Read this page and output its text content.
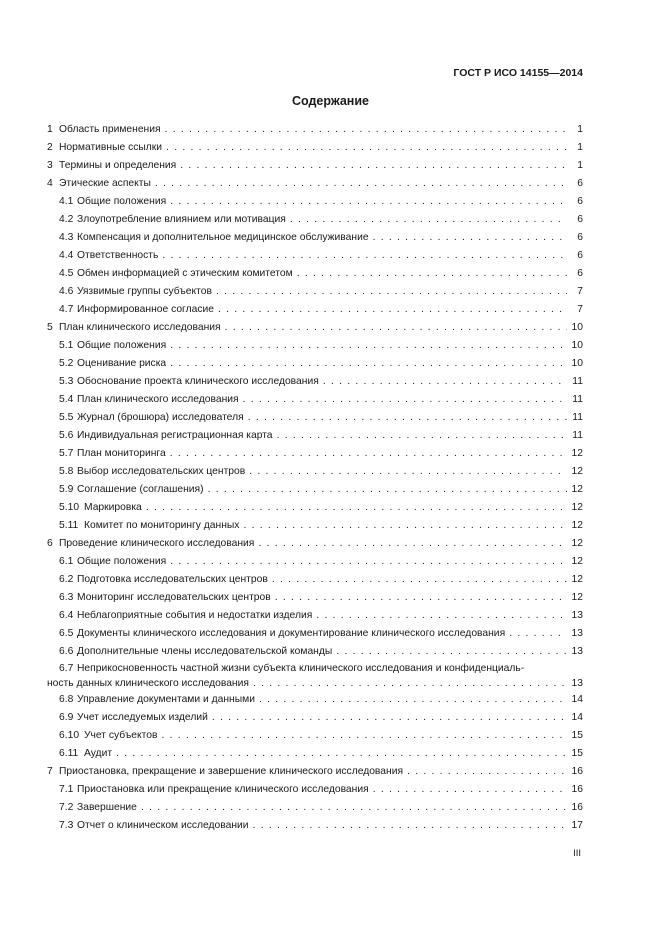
ГОСТ Р ИСО 14155—2014
Содержание
1 Область применения . . .	1
2 Нормативные ссылки . . .	1
3 Термины и определения . . .	1
4 Этические аспекты . . .	6
4.1 Общие положения . . .	6
4.2 Злоупотребление влиянием или мотивация . . .	6
4.3 Компенсация и дополнительное медицинское обслуживание . . .	6
4.4 Ответственность . . .	6
4.5 Обмен информацией с этическим комитетом . . .	6
4.6 Уязвимые группы субъектов . . .	7
4.7 Информированное согласие . . .	7
5 План клинического исследования . . .	10
5.1 Общие положения . . .	10
5.2 Оценивание риска . . .	10
5.3 Обоснование проекта клинического исследования . . .	11
5.4 План клинического исследования . . .	11
5.5 Журнал (брошюра) исследователя . . .	11
5.6 Индивидуальная регистрационная карта . . .	11
5.7 План мониторинга . . .	12
5.8 Выбор исследовательских центров . . .	12
5.9 Соглашение (соглашения) . . .	12
5.10 Маркировка . . .	12
5.11 Комитет по мониторингу данных . . .	12
6 Проведение клинического исследования . . .	12
6.1 Общие положения . . .	12
6.2 Подготовка исследовательских центров . . .	12
6.3 Мониторинг исследовательских центров . . .	12
6.4 Неблагоприятные события и недостатки изделия . . .	13
6.5 Документы клинического исследования и документирование клинического исследования . . .	13
6.6 Дополнительные члены исследовательской команды . . .	13
6.7 Неприкосновенность частной жизни субъекта клинического исследования и конфиденциаль-
ность данных клинического исследования . . .	13
6.8 Управление документами и данными . . .	14
6.9 Учет исследуемых изделий . . .	14
6.10 Учет субъектов . . .	15
6.11 Аудит . . .	15
7 Приостановка, прекращение и завершение клинического исследования . . .	16
7.1 Приостановка или прекращение клинического исследования . . .	16
7.2 Завершение . . .	16
7.3 Отчет о клиническом исследовании . . .	17
III
